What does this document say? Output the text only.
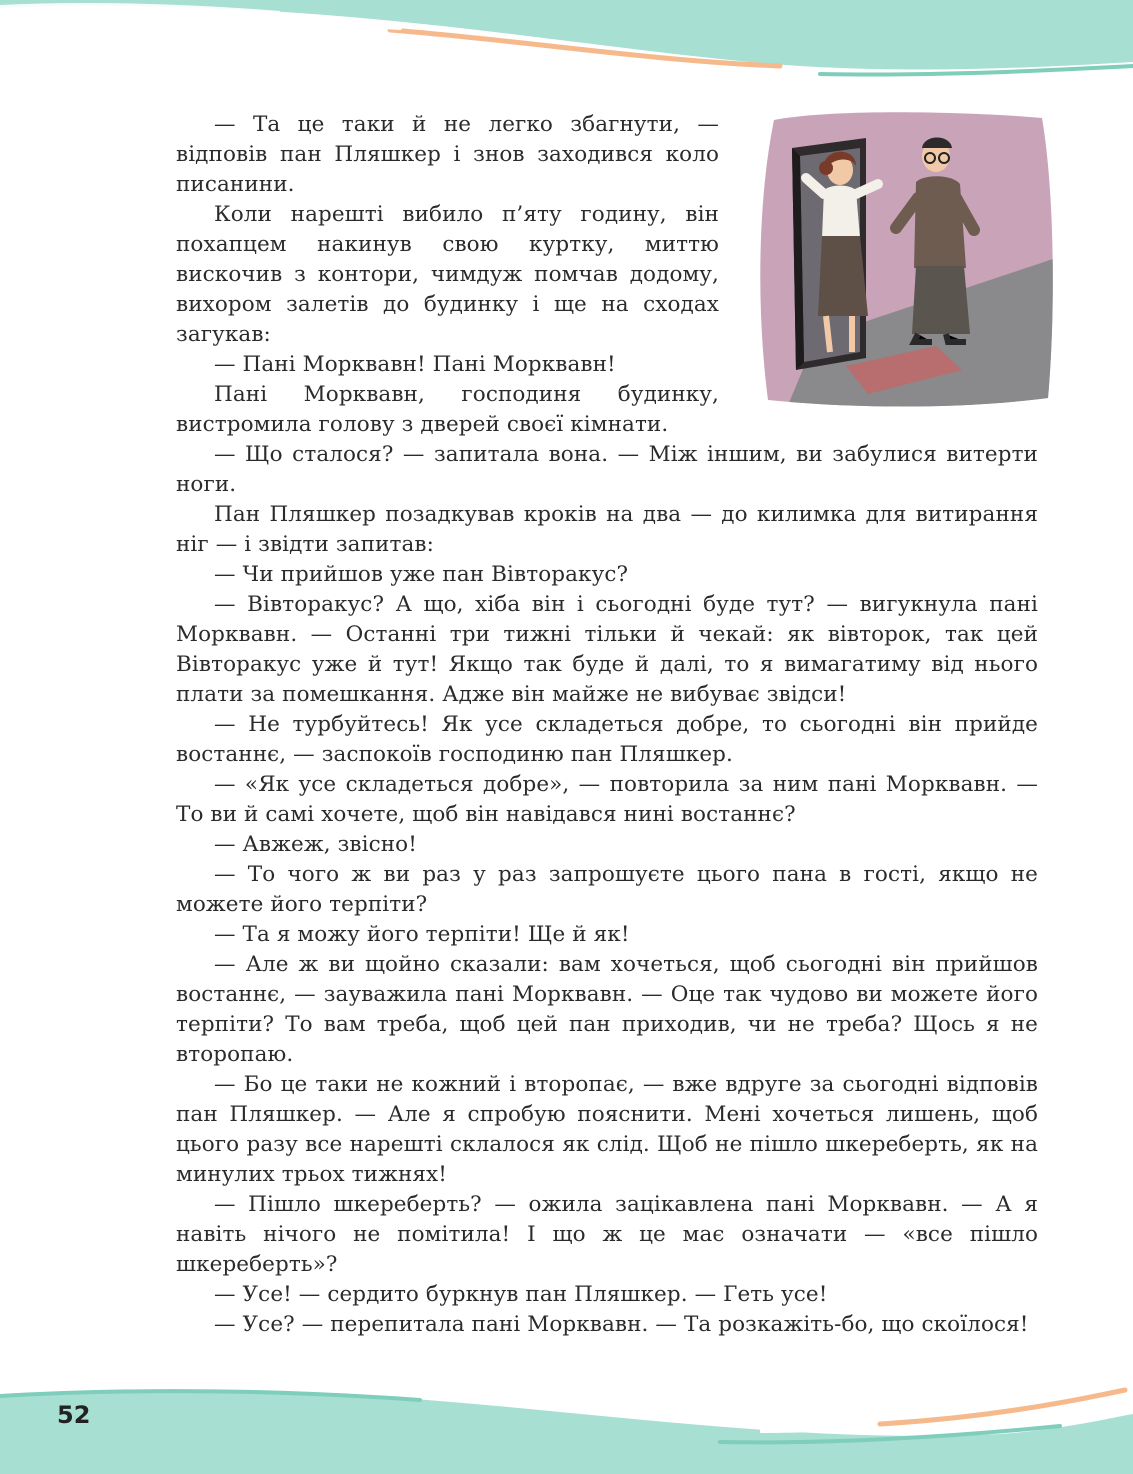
— Та це таки й не легко збагнути, — відповів пан Пляшкер і знов заходився коло писанини.

Коли нарешті вибило п’яту годину, він похапцем накинув свою куртку, миттю вискочив з контори, чимдуж помчав додому, вихором залетів до будинку і ще на сходах загукав:

— Пані Морквавн! Пані Морквавн!

Пані Морквавн, господиня будинку, вистромила голову з дверей своєї кімнати.

— Що сталося? — запитала вона. — Між іншим, ви забулися витерти ноги.

Пан Пляшкер позадкував кроків на два — до килимка для витирання ніг — і звідти запитав:

— Чи прийшов уже пан Вівторакус?

— Вівторакус? А що, хіба він і сьогодні буде тут? — вигукнула пані Морквавн. — Останні три тижні тільки й чекай: як вівторок, так цей Вівторакус уже й тут! Якщо так буде й далі, то я вимагатиму від нього плати за помешкання. Адже він майже не вибуває звідси!

— Не турбуйтесь! Як усе складеться добре, то сьогодні він прийде востаннє, — заспокоїв господиню пан Пляшкер.

— «Як усе складеться добре», — повторила за ним пані Морквавн. — То ви й самі хочете, щоб він навідався нині востаннє?

— Авжеж, звісно!

— То чого ж ви раз у раз запрошуєте цього пана в гості, якщо не можете його терпіти?

— Та я можу його терпіти! Ще й як!

— Але ж ви щойно сказали: вам хочеться, щоб сьогодні він прийшов востаннє, — зауважила пані Морквавн. — Оце так чудово ви можете його терпіти? То вам треба, щоб цей пан приходив, чи не треба? Щось я не второпаю.

— Бо це таки не кожний і второпає, — вже вдруге за сьогодні відповів пан Пляшкер. — Але я спробую пояснити. Мені хочеться лишень, щоб цього разу все нарешті склалося як слід. Щоб не пішло шкереберть, як на минулих трьох тижнях!

— Пішло шкереберть? — ожила зацікавлена пані Морквавн. — А я навіть нічого не помітила! І що ж це має означати — «все пішло шкереберть»?

— Усе! — сердито буркнув пан Пляшкер. — Геть усе!

— Усе? — перепитала пані Морквавн. — Та розкажіть-бо, що скоїлося!

52
